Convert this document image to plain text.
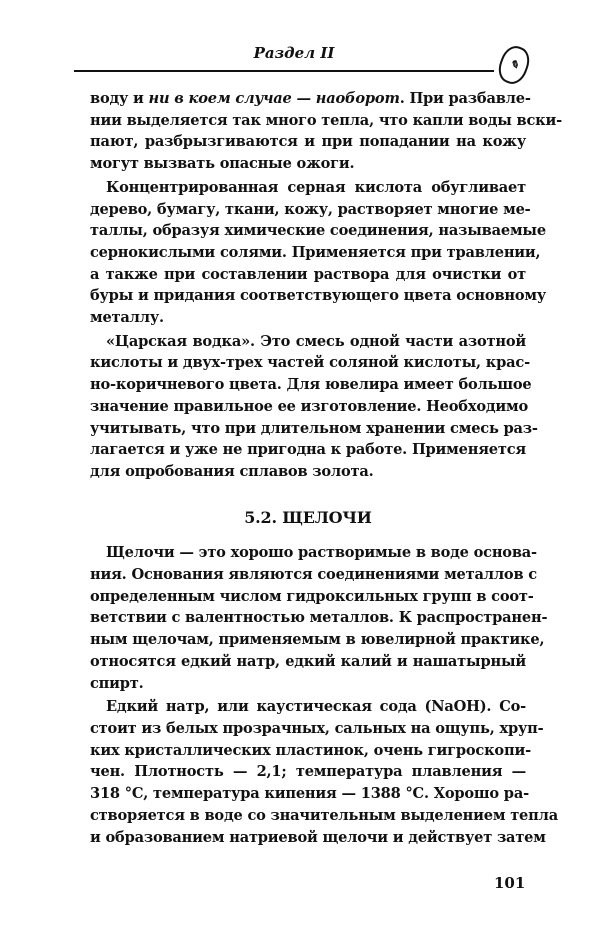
Раздел II
✎
воду и ни в коем случае — наоборот. При разбавле-
нии выделяется так много тепла, что капли воды вски-
пают, разбрызгиваются и при попадании на кожу
могут вызвать опасные ожоги.
Концентрированная серная кислота обугливает
дерево, бумагу, ткани, кожу, растворяет многие ме-
таллы, образуя химические соединения, называемые
сернокислыми солями. Применяется при травлении,
а также при составлении раствора для очистки от
буры и придания соответствующего цвета основному
металлу.
«Царская водка». Это смесь одной части азотной
кислоты и двух-трех частей соляной кислоты, крас-
но-коричневого цвета. Для ювелира имеет большое
значение правильное ее изготовление. Необходимо
учитывать, что при длительном хранении смесь раз-
лагается и уже не пригодна к работе. Применяется
для опробования сплавов золота.
5.2. ЩЕЛОЧИ
Щелочи — это хорошо растворимые в воде основа-
ния. Основания являются соединениями металлов с
определенным числом гидроксильных групп в соот-
ветствии с валентностью металлов. К распространен-
ным щелочам, применяемым в ювелирной практике,
относятся едкий натр, едкий калий и нашатырный
спирт.
Едкий натр, или каустическая сода (NaOH). Со-
стоит из белых прозрачных, сальных на ощупь, хруп-
ких кристаллических пластинок, очень гигроскопи-
чен. Плотность — 2,1; температура плавления —
318 °С, температура кипения — 1388 °С. Хорошо ра-
створяется в воде со значительным выделением тепла
и образованием натриевой щелочи и действует затем
101
